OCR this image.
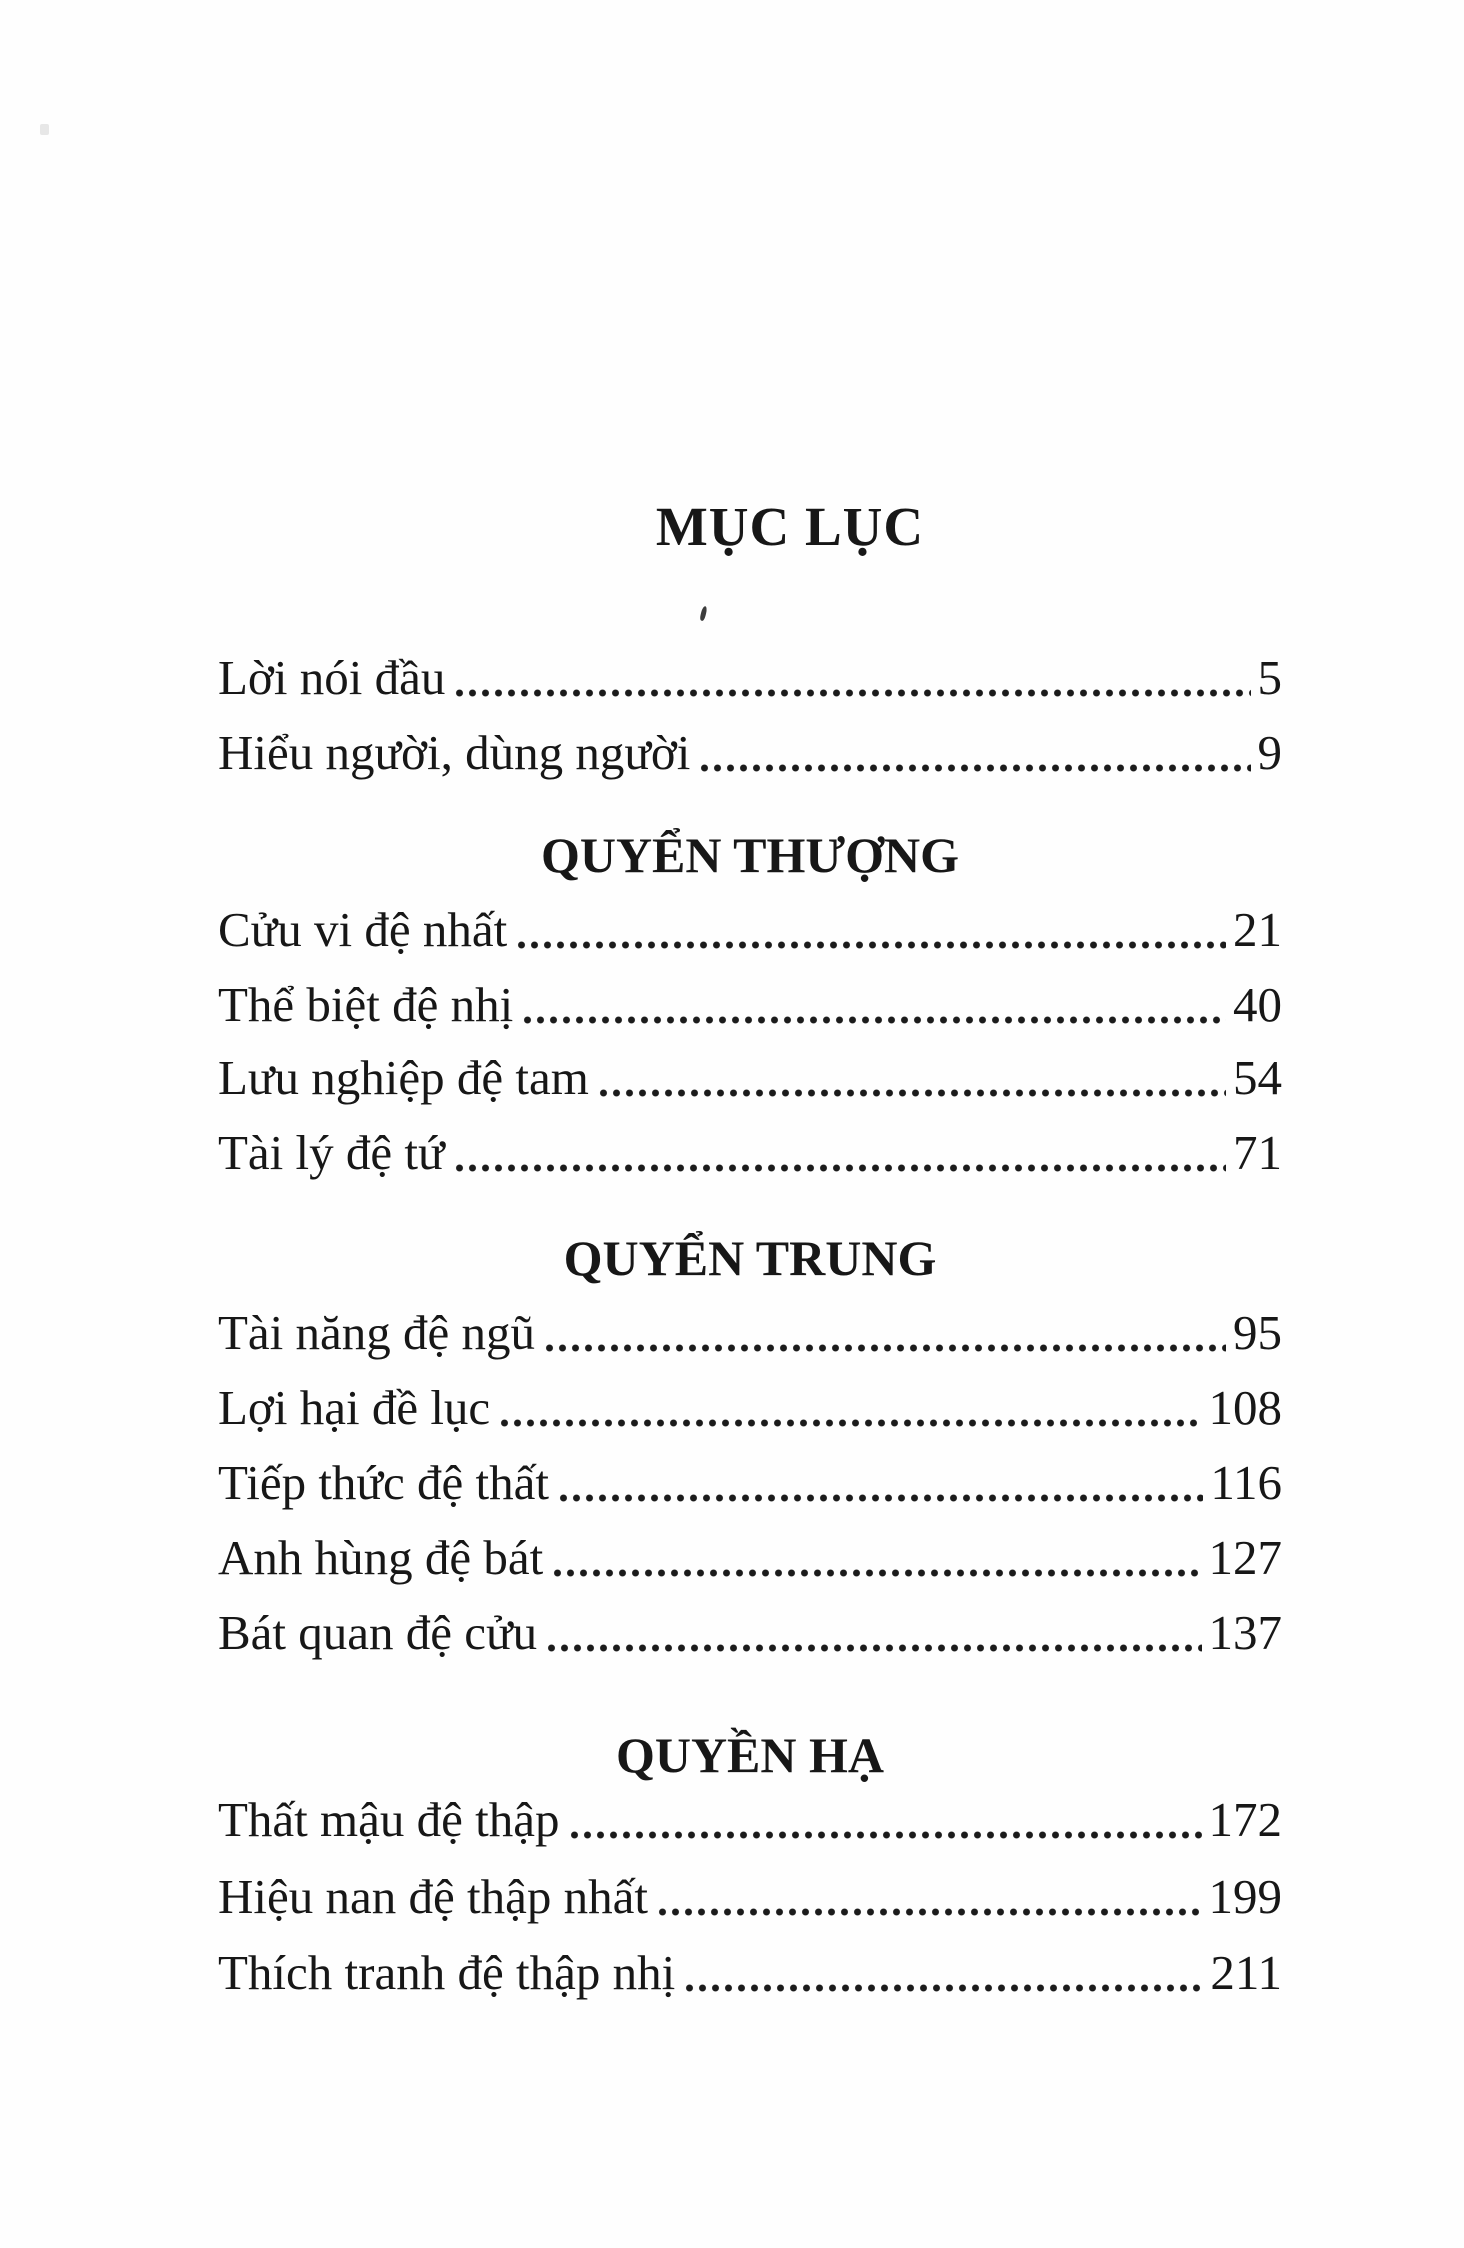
MỤC LỤC
Lời nói đầu	5
Hiểu người, dùng người	9
QUYỂN THƯỢNG
Cửu vi đệ nhất	21
Thể biệt đệ nhị	40
Lưu nghiệp đệ tam	54
Tài lý đệ tứ	71
QUYỂN TRUNG
Tài năng đệ ngũ	95
Lợi hại đề lục	108
Tiếp thức đệ thất	116
Anh hùng đệ bát	127
Bát quan đệ cửu	137
QUYỀN HẠ
Thất mậu đệ thập	172
Hiệu nan đệ thập nhất	199
Thích tranh đệ thập nhị	211
